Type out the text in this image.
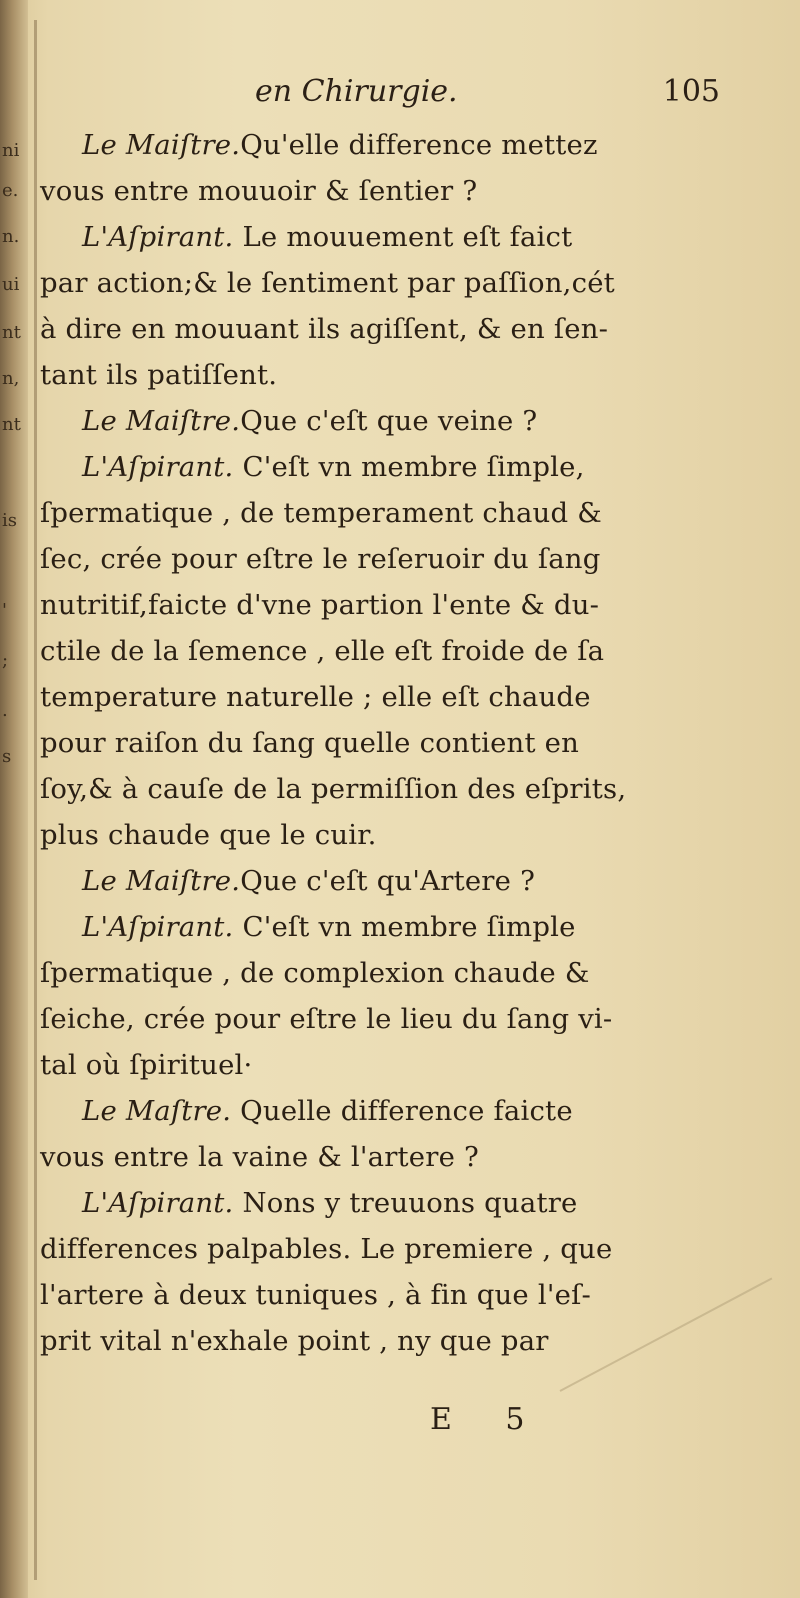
ni
e.
n.
ui
nt
n,
nt
is
'
;
.
s
en Chirurgie.	105
Le Maiſtre.Qu'elle difference mettez
vous entre mouuoir & ſentier ?
L'Aſpirant. Le mouuement eſt faict
par action;& le ſentiment par paſſion,cét
à dire en mouuant ils agiſſent, & en ſen-
tant ils patiſſent.
Le Maiſtre.Que c'eſt que veine ?
L'Aſpirant. C'eſt vn membre ſimple,
ſpermatique , de temperament chaud &
ſec, crée pour eſtre le reſeruoir du ſang
nutritif,faicte d'vne partion l'ente & du-
ctile de la ſemence , elle eſt froide de ſa
temperature naturelle ; elle eſt chaude
pour raiſon du ſang quelle contient en
ſoy,& à cauſe de la permiſſion des eſprits,
plus chaude que le cuir.
Le Maiſtre.Que c'eſt qu'Artere ?
L'Aſpirant. C'eſt vn membre ſimple
ſpermatique , de complexion chaude &
ſeiche, crée pour eſtre le lieu du ſang vi-
tal où ſpirituel·
Le Maſtre. Quelle difference faicte
vous entre la vaine & l'artere ?
L'Aſpirant. Nons y treuuons quatre
differences palpables. Le premiere , que
l'artere à deux tuniques , à fin que l'eſ-
prit vital n'exhale point , ny que par
E 5
